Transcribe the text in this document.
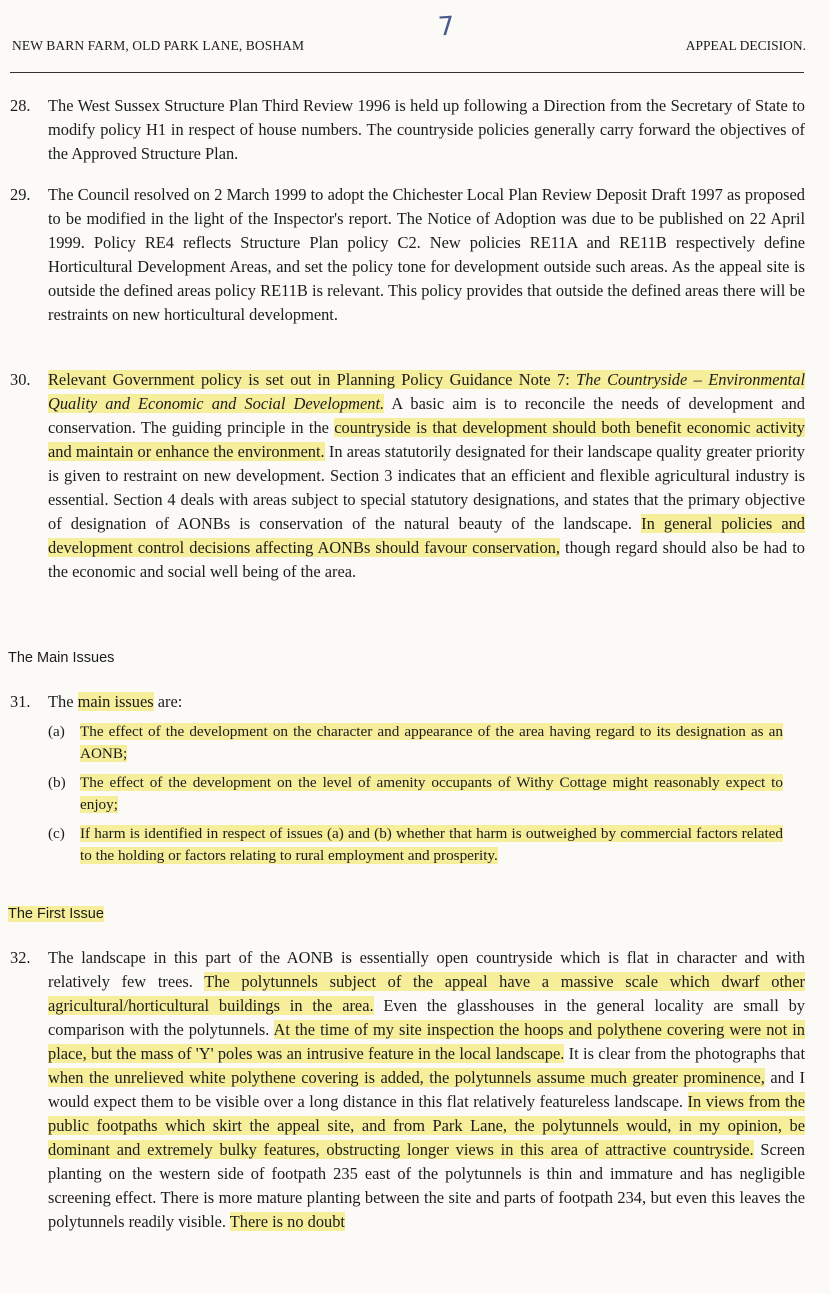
7
NEW BARN FARM, OLD PARK LANE, BOSHAM	APPEAL DECISION.
28.	The West Sussex Structure Plan Third Review 1996 is held up following a Direction from the Secretary of State to modify policy H1 in respect of house numbers. The countryside policies generally carry forward the objectives of the Approved Structure Plan.
29.	The Council resolved on 2 March 1999 to adopt the Chichester Local Plan Review Deposit Draft 1997 as proposed to be modified in the light of the Inspector's report. The Notice of Adoption was due to be published on 22 April 1999. Policy RE4 reflects Structure Plan policy C2. New policies RE11A and RE11B respectively define Horticultural Development Areas, and set the policy tone for development outside such areas. As the appeal site is outside the defined areas policy RE11B is relevant. This policy provides that outside the defined areas there will be restraints on new horticultural development.
30.	Relevant Government policy is set out in Planning Policy Guidance Note 7: The Countryside – Environmental Quality and Economic and Social Development. A basic aim is to reconcile the needs of development and conservation. The guiding principle in the countryside is that development should both benefit economic activity and maintain or enhance the environment. In areas statutorily designated for their landscape quality greater priority is given to restraint on new development. Section 3 indicates that an efficient and flexible agricultural industry is essential. Section 4 deals with areas subject to special statutory designations, and states that the primary objective of designation of AONBs is conservation of the natural beauty of the landscape. In general policies and development control decisions affecting AONBs should favour conservation, though regard should also be had to the economic and social well being of the area.
The Main Issues
31.	The main issues are:
(a) The effect of the development on the character and appearance of the area having regard to its designation as an AONB;
(b) The effect of the development on the level of amenity occupants of Withy Cottage might reasonably expect to enjoy;
(c) If harm is identified in respect of issues (a) and (b) whether that harm is outweighed by commercial factors related to the holding or factors relating to rural employment and prosperity.
The First Issue
32.	The landscape in this part of the AONB is essentially open countryside which is flat in character and with relatively few trees. The polytunnels subject of the appeal have a massive scale which dwarf other agricultural/horticultural buildings in the area. Even the glasshouses in the general locality are small by comparison with the polytunnels. At the time of my site inspection the hoops and polythene covering were not in place, but the mass of 'Y' poles was an intrusive feature in the local landscape. It is clear from the photographs that when the unrelieved white polythene covering is added, the polytunnels assume much greater prominence, and I would expect them to be visible over a long distance in this flat relatively featureless landscape. In views from the public footpaths which skirt the appeal site, and from Park Lane, the polytunnels would, in my opinion, be dominant and extremely bulky features, obstructing longer views in this area of attractive countryside. Screen planting on the western side of footpath 235 east of the polytunnels is thin and immature and has negligible screening effect. There is more mature planting between the site and parts of footpath 234, but even this leaves the polytunnels readily visible. There is no doubt
